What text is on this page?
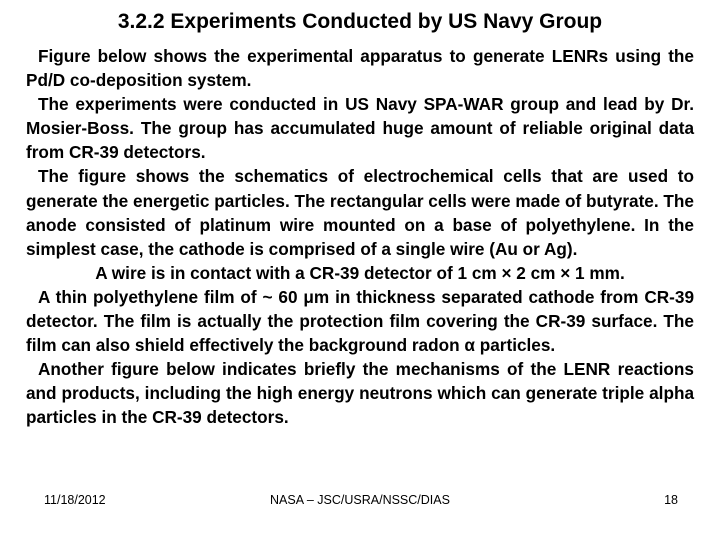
3.2.2 Experiments Conducted by US Navy Group

Figure below shows the experimental apparatus to generate LENRs using the Pd/D co-deposition system.

The experiments were conducted in US Navy SPA-WAR group and lead by Dr. Mosier-Boss. The group has accumulated huge amount of reliable original data from CR-39 detectors.

The figure shows the schematics of electrochemical cells that are used to generate the energetic particles. The rectangular cells were made of butyrate. The anode consisted of platinum wire mounted on a base of polyethylene. In the simplest case, the cathode is comprised of a single wire (Au or Ag).

A wire is in contact with a CR-39 detector of 1 cm × 2 cm × 1 mm.

A thin polyethylene film of ~ 60 μm in thickness separated cathode from CR-39 detector. The film is actually the protection film covering the CR-39 surface. The film can also shield effectively the background radon α particles.

Another figure below indicates briefly the mechanisms of the LENR reactions and products, including the high energy neutrons which can generate triple alpha particles in the CR-39 detectors.

11/18/2012	NASA – JSC/USRA/NSSC/DIAS	18
